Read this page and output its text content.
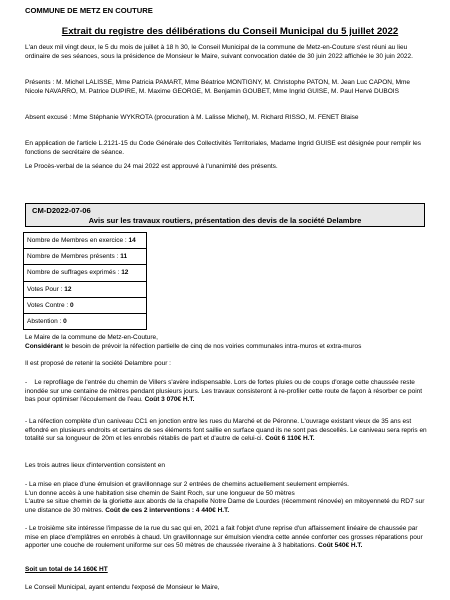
COMMUNE DE METZ EN COUTURE
Extrait du registre des délibérations du Conseil Municipal du 5 juillet 2022
L'an deux mil vingt deux, le 5 du mois de juillet à 18 h 30, le Conseil Municipal de la commune de Metz-en-Couture s'est réuni au lieu ordinaire de ses séances, sous la présidence de Monsieur le Maire, suivant convocation datée de 30 juin 2022 affichée le 30 juin 2022.
Présents : M. Michel LALISSE, Mme Patricia PAMART, Mme Béatrice MONTIGNY, M. Christophe PATON, M. Jean Luc CAPON, Mme Nicole NAVARRO, M. Patrice DUPIRE, M. Maxime GEORGE, M. Benjamin GOUBET, Mme Ingrid GUISE, M. Paul Hervé DUBOIS
Absent excusé : Mme Stéphanie WYKROTA (procuration à M. Lalisse Michel), M. Richard RISSO, M. FENET Blaise
En application de l'article L.2121-15 du Code Générale des Collectivités Territoriales, Madame Ingrid GUISE est désignée pour remplir les fonctions de secrétaire de séance.
Le Procès-verbal de la séance du 24 mai 2022 est approuvé à l'unanimité des présents.
CM-D2022-07-06
Avis sur les travaux routiers, présentation des devis de la société Delambre
Nombre de Membres en exercice : 14
Nombre de Membres présents : 11
Nombre de suffrages exprimés : 12
Votes Pour : 12
Votes Contre : 0
Abstention : 0
Le Maire de la commune de Metz-en-Couture,
Considérant le besoin de prévoir la réfection partielle de cinq de nos voiries communales intra-muros et extra-muros
Il est proposé de retenir la société Delambre pour :
-    Le reprofilage de l'entrée du chemin de Villers s'avère indispensable. Lors de fortes pluies ou de coups d'orage cette chaussée reste inondée sur une centaine de mètres pendant plusieurs jours. Les travaux consisteront à re-profiler cette route de façon à résorber ce point bas pour optimiser l'écoulement de l'eau. Coût 3 070€ H.T.
- La réfection complète d'un caniveau CC1 en jonction entre les rues du Marché et de Péronne. L'ouvrage existant vieux de 35 ans est effondré en plusieurs endroits et certains de ses éléments font saillie en surface quand ils ne sont pas descellés. Le caniveau sera repris en totalité sur sa longueur de 20m et les enrobés rétablis de part et d'autre de celui-ci. Coût 6 110€ H.T.
Les trois autres lieux d'intervention consistent en
- La mise en place d'une émulsion et gravillonnage sur 2 entrées de chemins actuellement seulement empierrés.
L'un donne accès à une habitation sise chemin de Saint Roch, sur une longueur de 50 mètres
L'autre se situe chemin de la gloriette aux abords de la chapelle Notre Dame de Lourdes (récemment rénovée) en mitoyenneté du RD7 sur une distance de 30 mètres. Coût de ces 2 interventions : 4 440€ H.T.
- Le troisième site intéresse l'impasse de la rue du sac qui en, 2021 a fait l'objet d'une reprise d'un affaissement linéaire de chaussée par mise en place d'emplâtres en enrobés à chaud. Un gravillonnage sur émulsion viendra cette année conforter ces grosses réparations pour apporter une couche de roulement uniforme sur ces 50 mètres de chaussée riveraine à 3 habitations. Coût 540€ H.T.
Soit un total de 14 160€ HT
Le Conseil Municipal, ayant entendu l'exposé de Monsieur le Maire,
